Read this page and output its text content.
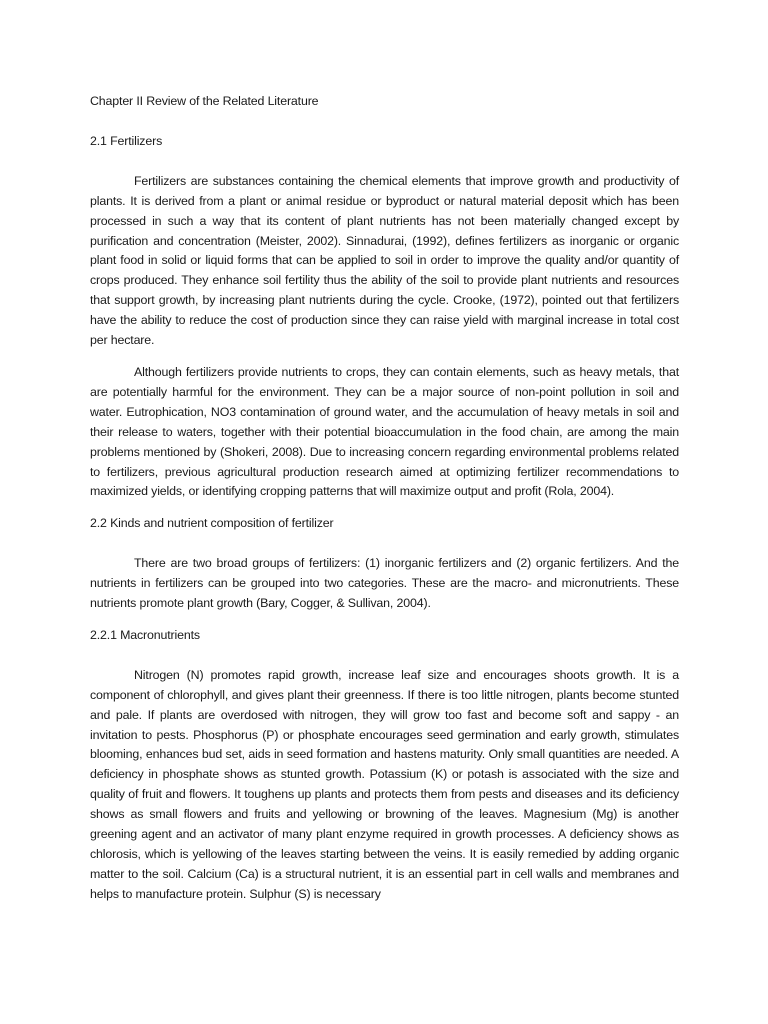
Chapter II Review of the Related Literature

2.1 Fertilizers

Fertilizers are substances containing the chemical elements that improve growth and productivity of plants. It is derived from a plant or animal residue or byproduct or natural material deposit which has been processed in such a way that its content of plant nutrients has not been materially changed except by purification and concentration (Meister, 2002). Sinnadurai, (1992), defines fertilizers as inorganic or organic plant food in solid or liquid forms that can be applied to soil in order to improve the quality and/or quantity of crops produced. They enhance soil fertility thus the ability of the soil to provide plant nutrients and resources that support growth, by increasing plant nutrients during the cycle. Crooke, (1972), pointed out that fertilizers have the ability to reduce the cost of production since they can raise yield with marginal increase in total cost per hectare.

Although fertilizers provide nutrients to crops, they can contain elements, such as heavy metals, that are potentially harmful for the environment. They can be a major source of non-point pollution in soil and water. Eutrophication, NO3 contamination of ground water, and the accumulation of heavy metals in soil and their release to waters, together with their potential bioaccumulation in the food chain, are among the main problems mentioned by (Shokeri, 2008). Due to increasing concern regarding environmental problems related to fertilizers, previous agricultural production research aimed at optimizing fertilizer recommendations to maximized yields, or identifying cropping patterns that will maximize output and profit (Rola, 2004).

2.2 Kinds and nutrient composition of fertilizer

There are two broad groups of fertilizers: (1) inorganic fertilizers and (2) organic fertilizers. And the nutrients in fertilizers can be grouped into two categories. These are the macro- and micronutrients. These nutrients promote plant growth (Bary, Cogger, & Sullivan, 2004).

2.2.1 Macronutrients

Nitrogen (N) promotes rapid growth, increase leaf size and encourages shoots growth. It is a component of chlorophyll, and gives plant their greenness. If there is too little nitrogen, plants become stunted and pale. If plants are overdosed with nitrogen, they will grow too fast and become soft and sappy - an invitation to pests. Phosphorus (P) or phosphate encourages seed germination and early growth, stimulates blooming, enhances bud set, aids in seed formation and hastens maturity. Only small quantities are needed. A deficiency in phosphate shows as stunted growth. Potassium (K) or potash is associated with the size and quality of fruit and flowers. It toughens up plants and protects them from pests and diseases and its deficiency shows as small flowers and fruits and yellowing or browning of the leaves. Magnesium (Mg) is another greening agent and an activator of many plant enzyme required in growth processes. A deficiency shows as chlorosis, which is yellowing of the leaves starting between the veins. It is easily remedied by adding organic matter to the soil. Calcium (Ca) is a structural nutrient, it is an essential part in cell walls and membranes and helps to manufacture protein. Sulphur (S) is necessary
